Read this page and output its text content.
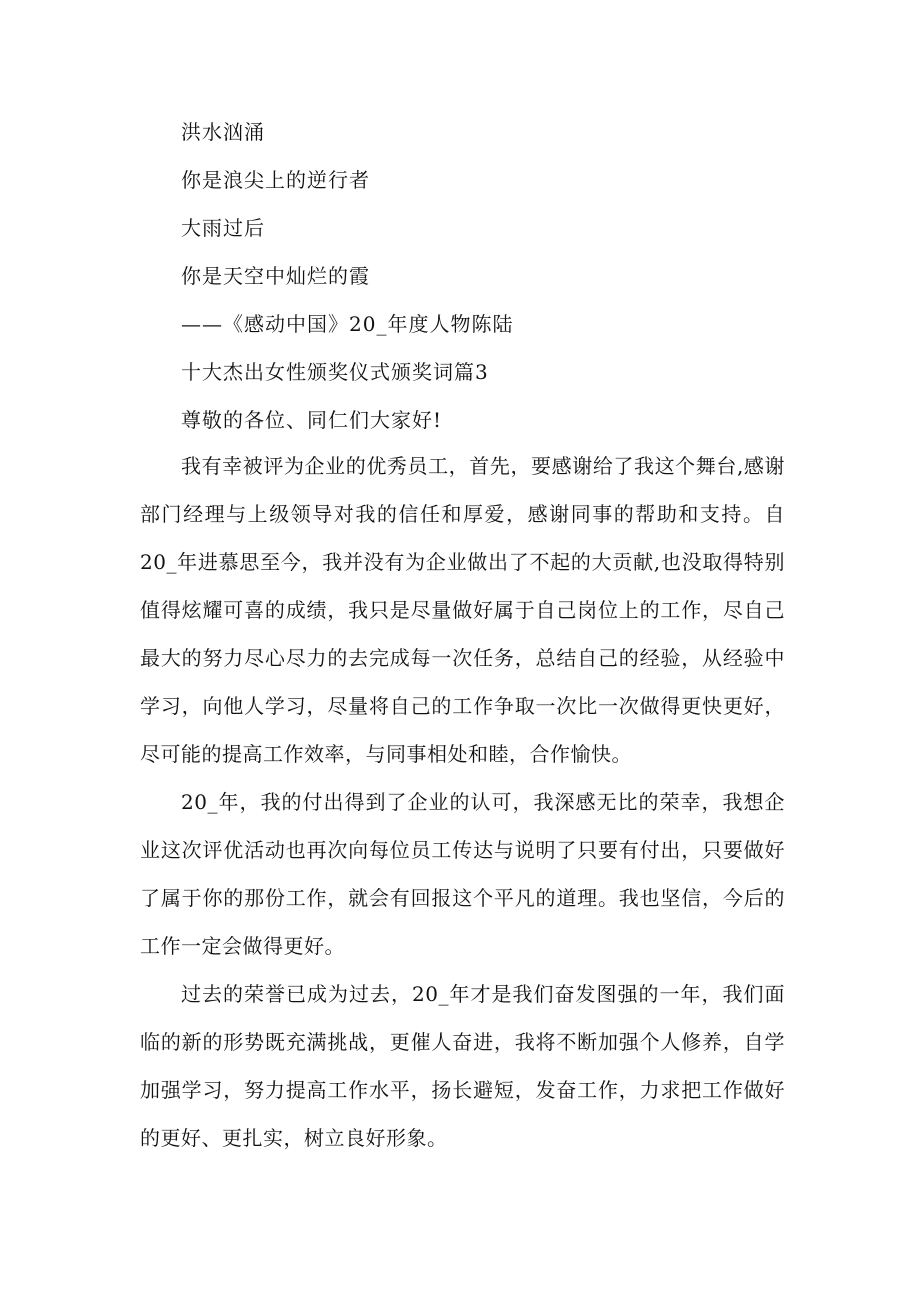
洪水汹涌
你是浪尖上的逆行者
大雨过后
你是天空中灿烂的霞
——《感动中国》20_年度人物陈陆
十大杰出女性颁奖仪式颁奖词篇3
尊敬的各位、同仁们大家好!
我有幸被评为企业的优秀员工，首先，要感谢给了我这个舞台,感谢部门经理与上级领导对我的信任和厚爱，感谢同事的帮助和支持。自20_年进慕思至今，我并没有为企业做出了不起的大贡献,也没取得特别值得炫耀可喜的成绩，我只是尽量做好属于自己岗位上的工作，尽自己最大的努力尽心尽力的去完成每一次任务，总结自己的经验，从经验中学习，向他人学习，尽量将自己的工作争取一次比一次做得更快更好，尽可能的提高工作效率，与同事相处和睦，合作愉快。
20_年，我的付出得到了企业的认可，我深感无比的荣幸，我想企业这次评优活动也再次向每位员工传达与说明了只要有付出，只要做好了属于你的那份工作，就会有回报这个平凡的道理。我也坚信，今后的工作一定会做得更好。
过去的荣誉已成为过去，20_年才是我们奋发图强的一年，我们面临的新的形势既充满挑战，更催人奋进，我将不断加强个人修养，自学加强学习，努力提高工作水平，扬长避短，发奋工作，力求把工作做好的更好、更扎实，树立良好形象。
